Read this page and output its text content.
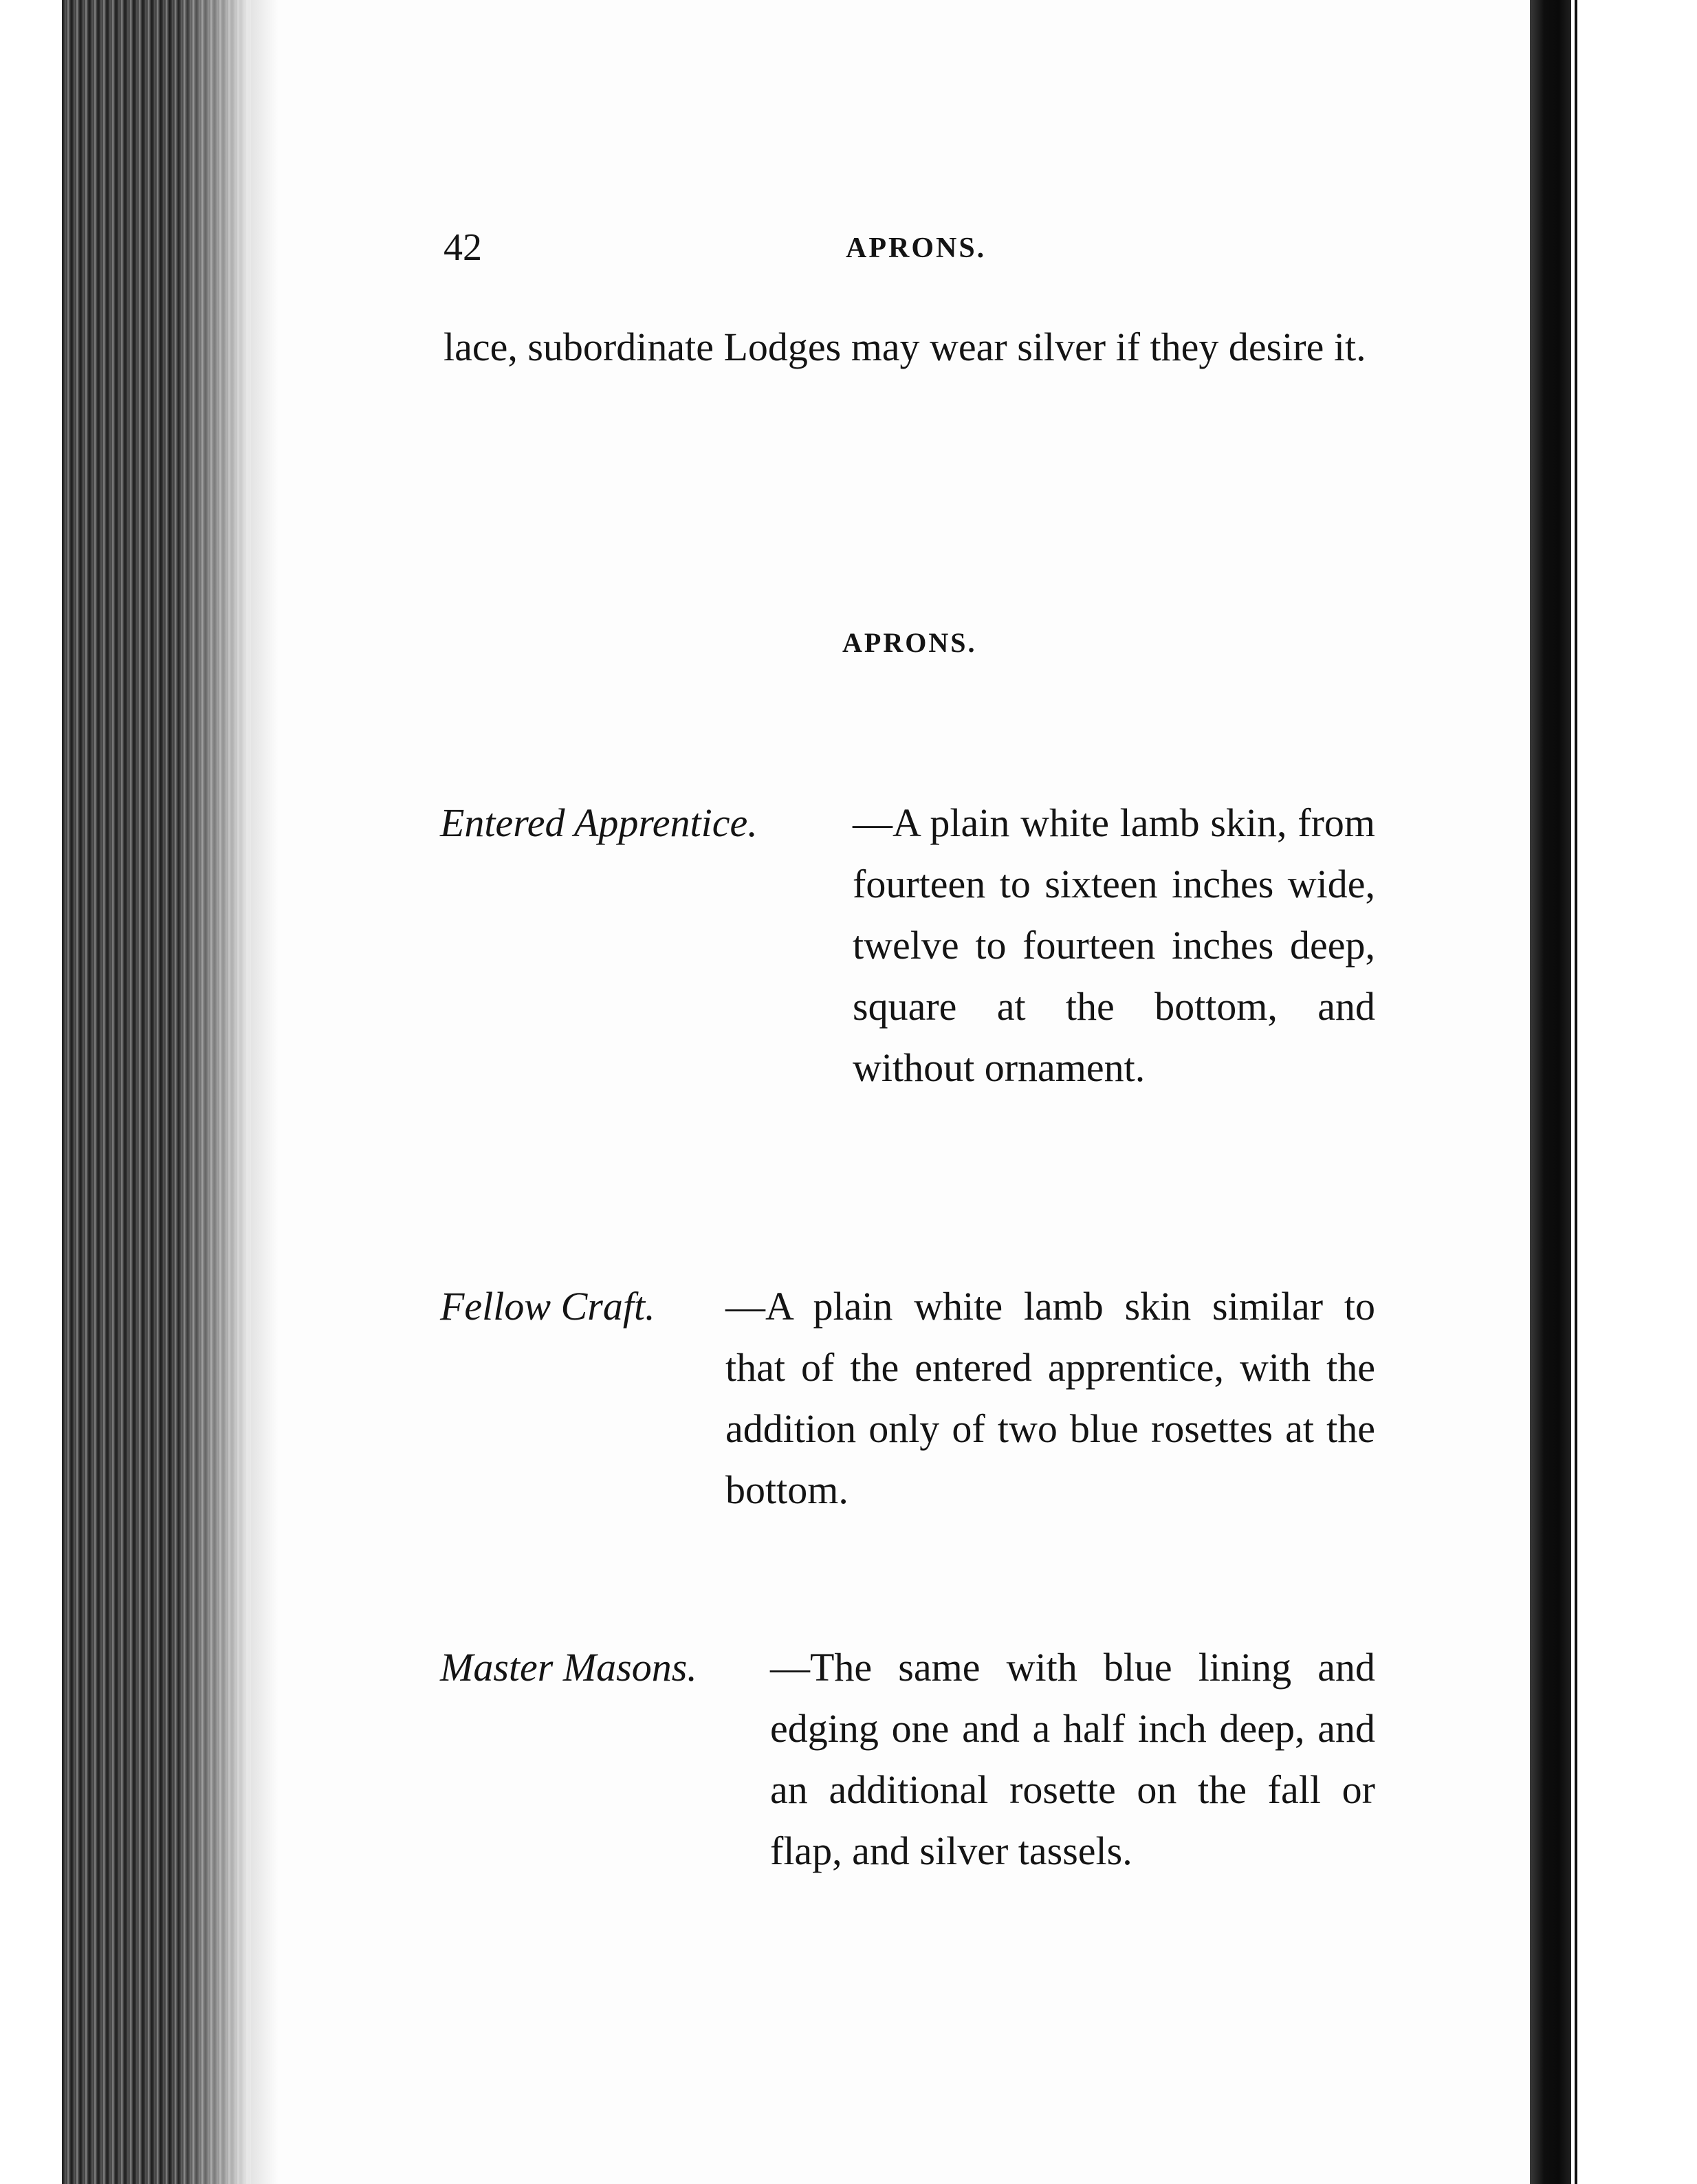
42	APRONS.
lace, subordinate Lodges may wear silver if they desire it.
APRONS.
Entered Apprentice. —A plain white lamb skin, from fourteen to sixteen inches wide, twelve to fourteen inches deep, square at the bottom, and without ornament.
Fellow Craft. —A plain white lamb skin similar to that of the entered apprentice, with the addition only of two blue rosettes at the bottom.
Master Masons. —The same with blue lining and edging one and a half inch deep, and an additional rosette on the fall or flap, and silver tassels.
